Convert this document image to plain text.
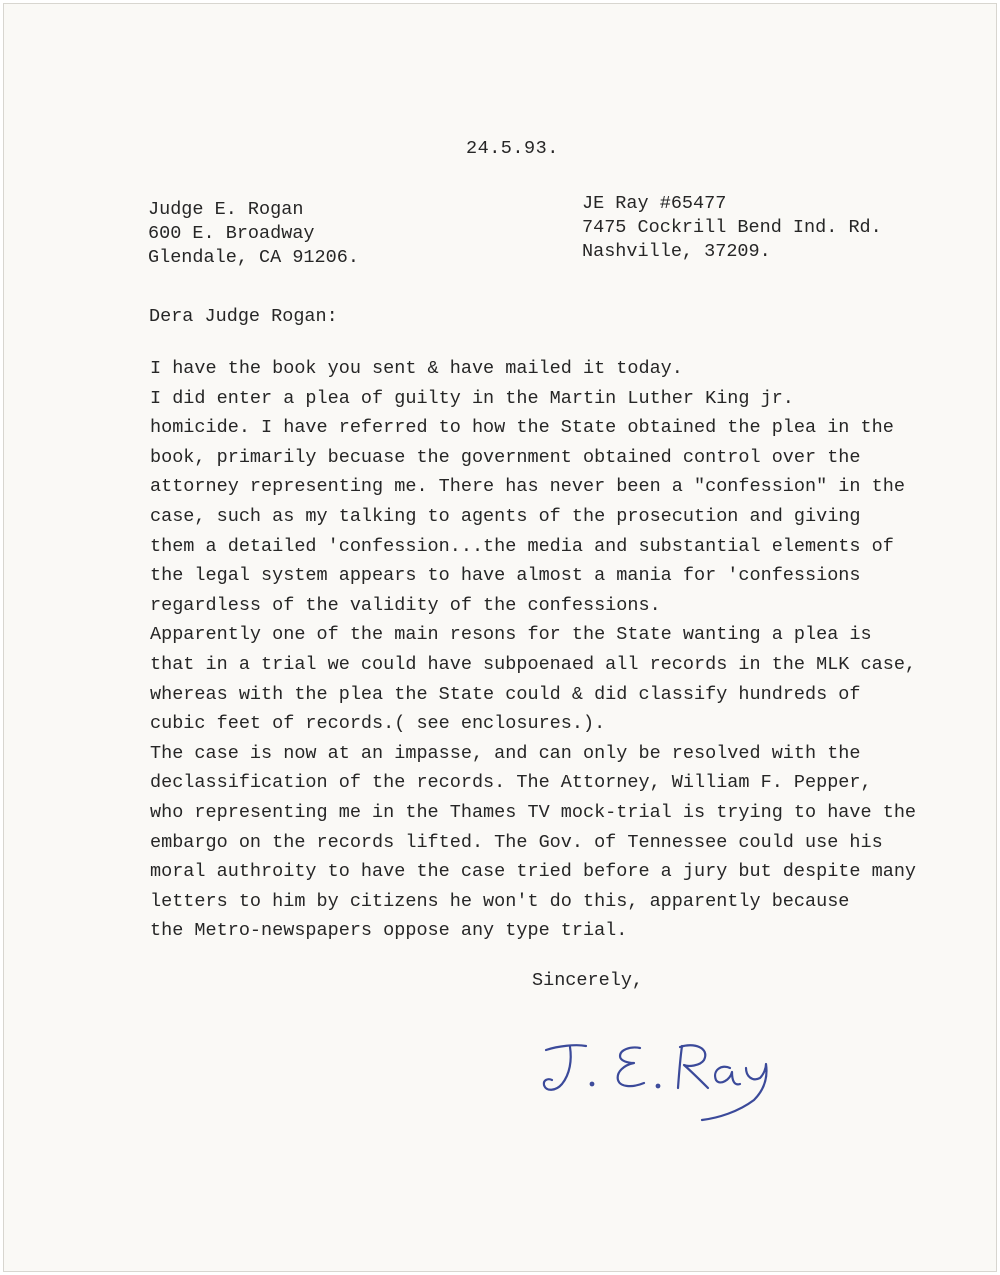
24.5.93.
Judge E. Rogan
600 E. Broadway
Glendale, CA 91206.
JE Ray #65477
7475 Cockrill Bend Ind. Rd.
Nashville, 37209.
Dera Judge Rogan:
I have the book you sent & have mailed it today.
I did enter a plea of guilty in the Martin Luther King jr.
homicide. I have referred to how the State obtained the plea in the
book, primarily becuase the government obtained control over the
attorney representing me. There has never been a "confession" in the
case, such as my talking to agents of the prosecution and giving
them a detailed 'confession...the media and substantial elements of
the legal system appears to have almost a mania for 'confessions
regardless of the validity of the confessions.
Apparently one of the main resons for the State wanting a plea is
that in a trial we could have subpoenaed all records in the MLK case,
whereas with the plea the State could & did classify hundreds of
cubic feet of records.( see enclosures.).
The case is now at an impasse, and can only be resolved with the
declassification of the records. The Attorney, William F. Pepper,
who representing me in the Thames TV mock-trial is trying to have the
embargo on the records lifted. The Gov. of Tennessee could use his
moral authroity to have the case tried before a jury but despite many
letters to him by citizens he won't do this, apparently because
the Metro-newspapers oppose any type trial.
Sincerely,
